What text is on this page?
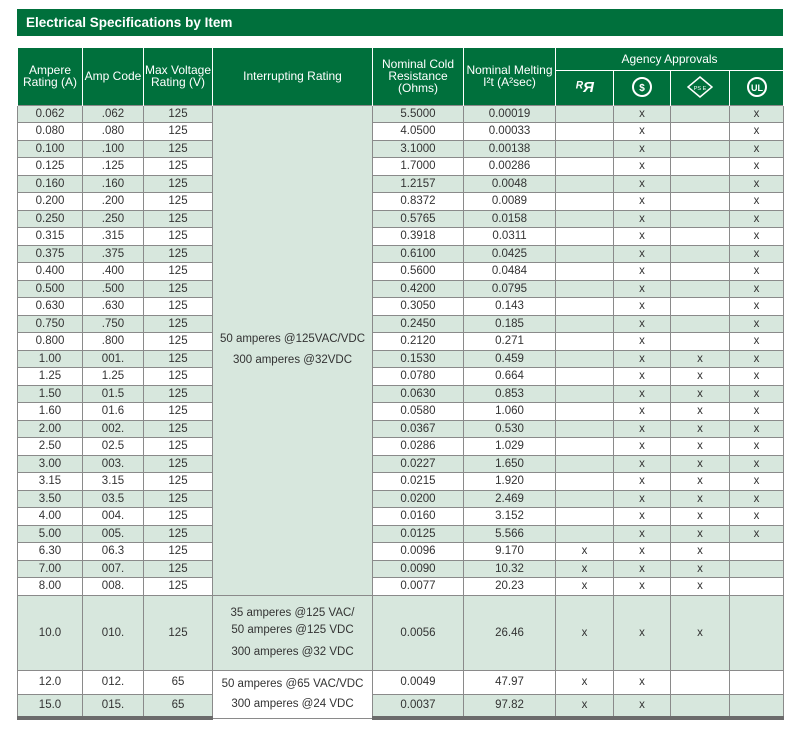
Electrical Specifications by Item
Ampere Rating (A)	Amp Code	Max Voltage Rating (V)	Interrupting Rating	Nominal Cold Resistance (Ohms)	Nominal Melting I²t (A²sec)	Agency Approvals			
						ᴿЯ	$	PS E	UL

0.062	.062	125	50 amperes @125VAC/VDC
300 amperes @32VDC	5.5000	0.00019		x		x
0.080	.080	125		4.0500	0.00033		x		x
0.100	.100	125		3.1000	0.00138		x		x
0.125	.125	125		1.7000	0.00286		x		x
0.160	.160	125		1.2157	0.0048		x		x
0.200	.200	125		0.8372	0.0089		x		x
0.250	.250	125		0.5765	0.0158		x		x
0.315	.315	125		0.3918	0.0311		x		x
0.375	.375	125		0.6100	0.0425		x		x
0.400	.400	125		0.5600	0.0484		x		x
0.500	.500	125		0.4200	0.0795		x		x
0.630	.630	125		0.3050	0.143		x		x
0.750	.750	125		0.2450	0.185		x		x
0.800	.800	125		0.2120	0.271		x		x
1.00	001.	125		0.1530	0.459		x	x	x
1.25	1.25	125		0.0780	0.664		x	x	x
1.50	01.5	125		0.0630	0.853		x	x	x
1.60	01.6	125		0.0580	1.060		x	x	x
2.00	002.	125		0.0367	0.530		x	x	x
2.50	02.5	125		0.0286	1.029		x	x	x
3.00	003.	125		0.0227	1.650		x	x	x
3.15	3.15	125		0.0215	1.920		x	x	x
3.50	03.5	125		0.0200	2.469		x	x	x
4.00	004.	125		0.0160	3.152		x	x	x
5.00	005.	125		0.0125	5.566		x	x	x
6.30	06.3	125		0.0096	9.170	x	x	x	
7.00	007.	125		0.0090	10.32	x	x	x	
8.00	008.	125		0.0077	20.23	x	x	x	
10.0	010.	125	35 amperes @125 VAC/
50 amperes @125 VDC
300 amperes @32 VDC	0.0056	26.46	x	x	x	
12.0	012.	65	50 amperes @65 VAC/VDC
300 amperes @24 VDC	0.0049	47.97	x	x		
15.0	015.	65		0.0037	97.82	x	x		
